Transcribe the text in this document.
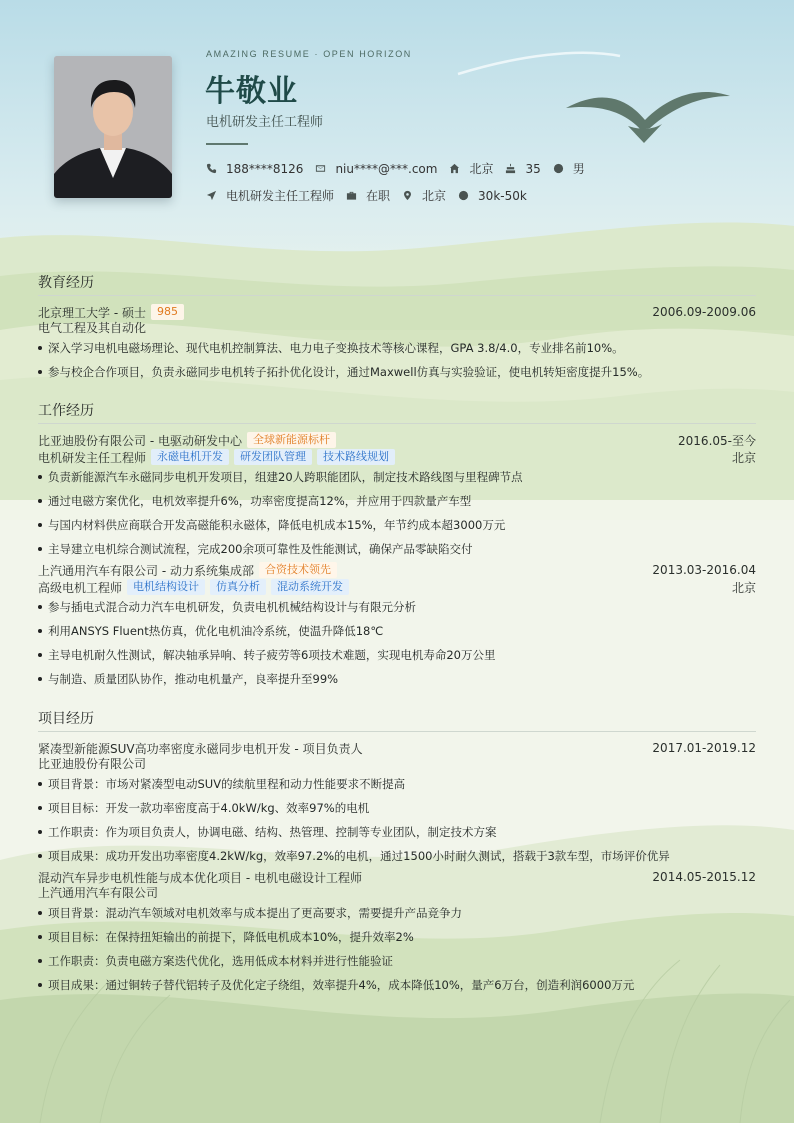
AMAZING RESUME · OPEN HORIZON
牛敬业
电机研发主任工程师
188****8126	niu****@***.com	北京	35	男
电机研发主任工程师	在职	北京	30k-50k
教育经历
北京理工大学 - 硕士	985	2006.09-2009.06
电气工程及其自动化
深入学习电机电磁场理论、现代电机控制算法、电力电子变换技术等核心课程，GPA 3.8/4.0，专业排名前10%。
参与校企合作项目，负责永磁同步电机转子拓扑优化设计，通过Maxwell仿真与实验验证，使电机转矩密度提升15%。
工作经历
比亚迪股份有限公司 - 电驱动研发中心	全球新能源标杆	2016.05-至今
电机研发主任工程师	永磁电机开发	研发团队管理	技术路线规划	北京
负责新能源汽车永磁同步电机开发项目，组建20人跨职能团队，制定技术路线图与里程碑节点
通过电磁方案优化，电机效率提升6%，功率密度提高12%，并应用于四款量产车型
与国内材料供应商联合开发高磁能积永磁体，降低电机成本15%，年节约成本超3000万元
主导建立电机综合测试流程，完成200余项可靠性及性能测试，确保产品零缺陷交付
上汽通用汽车有限公司 - 动力系统集成部	合资技术领先	2013.03-2016.04
高级电机工程师	电机结构设计	仿真分析	混动系统开发	北京
参与插电式混合动力汽车电机研发，负责电机机械结构设计与有限元分析
利用ANSYS Fluent热仿真，优化电机油冷系统，使温升降低18℃
主导电机耐久性测试，解决轴承异响、转子疲劳等6项技术难题，实现电机寿命20万公里
与制造、质量团队协作，推动电机量产，良率提升至99%
项目经历
紧凑型新能源SUV高功率密度永磁同步电机开发 - 项目负责人	2017.01-2019.12
比亚迪股份有限公司
项目背景：市场对紧凑型电动SUV的续航里程和动力性能要求不断提高
项目目标：开发一款功率密度高于4.0kW/kg、效率97%的电机
工作职责：作为项目负责人，协调电磁、结构、热管理、控制等专业团队，制定技术方案
项目成果：成功开发出功率密度4.2kW/kg，效率97.2%的电机，通过1500小时耐久测试，搭载于3款车型，市场评价优异
混动汽车异步电机性能与成本优化项目 - 电机电磁设计工程师	2014.05-2015.12
上汽通用汽车有限公司
项目背景：混动汽车领域对电机效率与成本提出了更高要求，需要提升产品竞争力
项目目标：在保持扭矩输出的前提下，降低电机成本10%，提升效率2%
工作职责：负责电磁方案迭代优化，选用低成本材料并进行性能验证
项目成果：通过铜转子替代铝转子及优化定子绕组，效率提升4%，成本降低10%，量产6万台，创造利润6000万元
